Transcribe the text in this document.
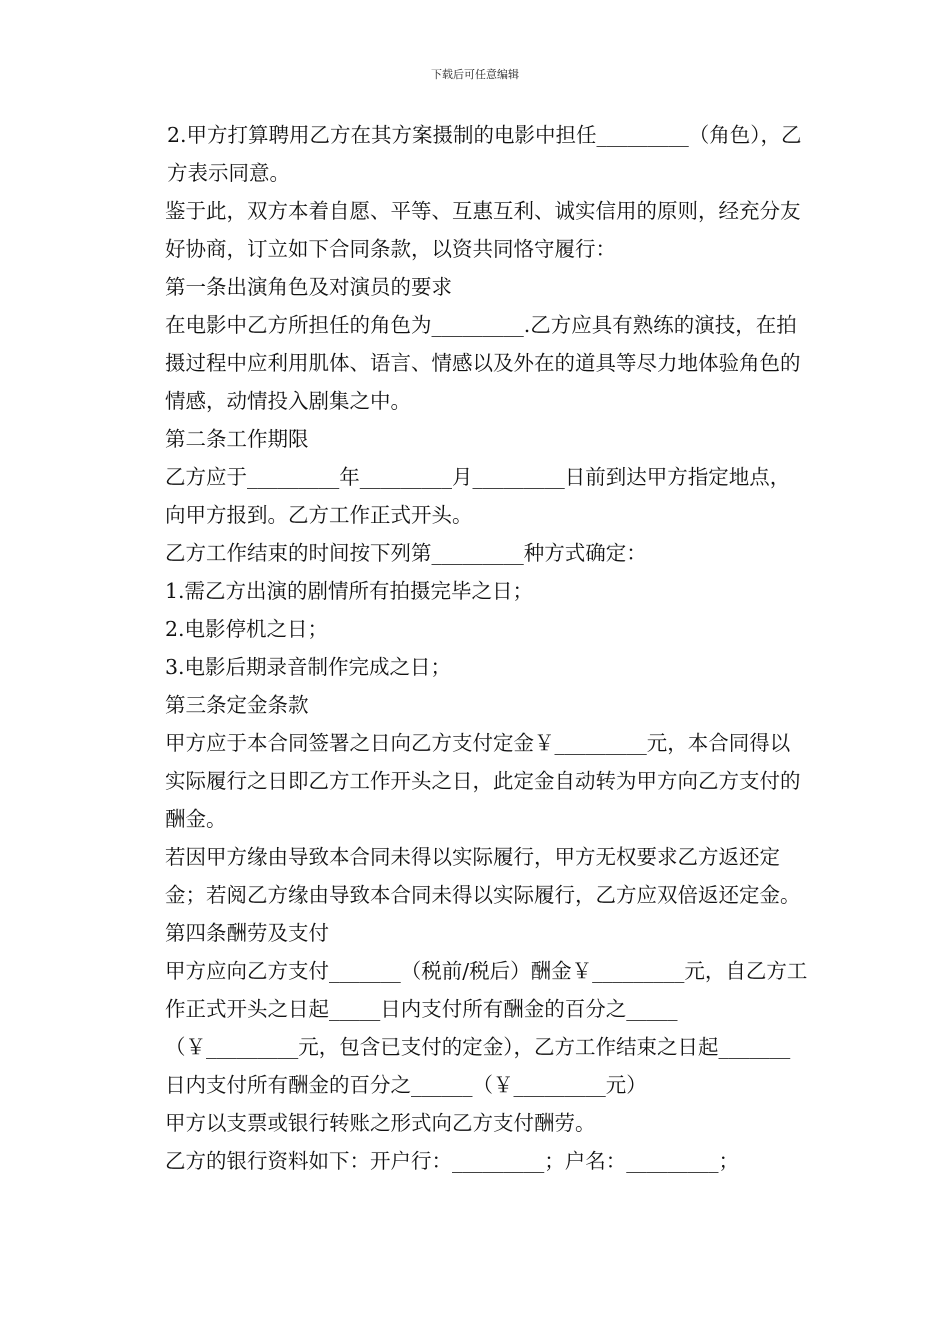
下载后可任意编辑

2.甲方打算聘用乙方在其方案摄制的电影中担任_________（角色），乙方表示同意。

鉴于此，双方本着自愿、平等、互惠互利、诚实信用的原则，经充分友好协商，订立如下合同条款，以资共同恪守履行：

第一条出演角色及对演员的要求

在电影中乙方所担任的角色为_________.乙方应具有熟练的演技，在拍摄过程中应利用肌体、语言、情感以及外在的道具等尽力地体验角色的情感，动情投入剧集之中。

第二条工作期限

乙方应于_________年_________月_________日前到达甲方指定地点，向甲方报到。乙方工作正式开头。

乙方工作结束的时间按下列第_________种方式确定：

1.需乙方出演的剧情所有拍摄完毕之日；

2.电影停机之日；

3.电影后期录音制作完成之日；

第三条定金条款

甲方应于本合同签署之日向乙方支付定金￥_________元，本合同得以实际履行之日即乙方工作开头之日，此定金自动转为甲方向乙方支付的酬金。

若因甲方缘由导致本合同未得以实际履行，甲方无权要求乙方返还定金；若阅乙方缘由导致本合同未得以实际履行，乙方应双倍返还定金。

第四条酬劳及支付

甲方应向乙方支付_______（税前/税后）酬金￥_________元，自乙方工作正式开头之日起_____日内支付所有酬金的百分之_____（￥_________元，包含已支付的定金），乙方工作结束之日起_______日内支付所有酬金的百分之______（￥_________元）

甲方以支票或银行转账之形式向乙方支付酬劳。

乙方的银行资料如下：开户行：_________；户名：_________；
